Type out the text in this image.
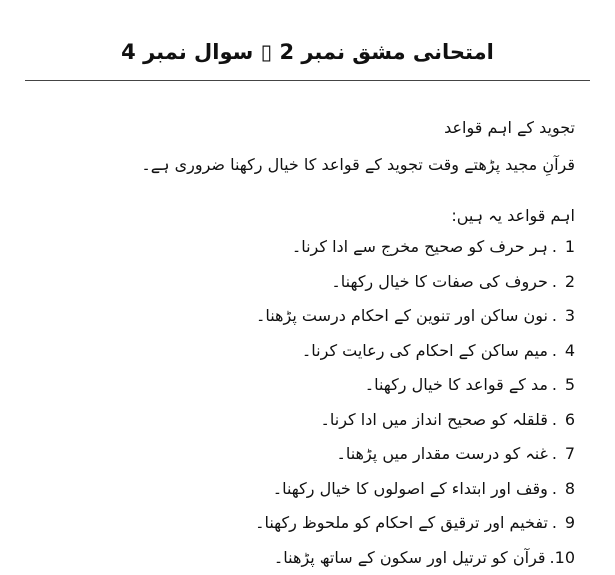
امتحانی مشق نمبر 2 ▯ سوال نمبر 4
تجوید کے اہم قواعد
قرآنِ مجید پڑھتے وقت تجوید کے قواعد کا خیال رکھنا ضروری ہے۔
اہم قواعد یہ ہیں:
1
.
ہر حرف کو صحیح مخرج سے ادا کرنا۔
2
.
حروف کی صفات کا خیال رکھنا۔
3
.
نون ساکن اور تنوین کے احکام درست پڑھنا۔
4
.
میم ساکن کے احکام کی رعایت کرنا۔
5
.
مد کے قواعد کا خیال رکھنا۔
6
.
قلقلہ کو صحیح انداز میں ادا کرنا۔
7
.
غنہ کو درست مقدار میں پڑھنا۔
8
.
وقف اور ابتداء کے اصولوں کا خیال رکھنا۔
9
.
تفخیم اور ترقیق کے احکام کو ملحوظ رکھنا۔
10
.
قرآن کو ترتیل اور سکون کے ساتھ پڑھنا۔
